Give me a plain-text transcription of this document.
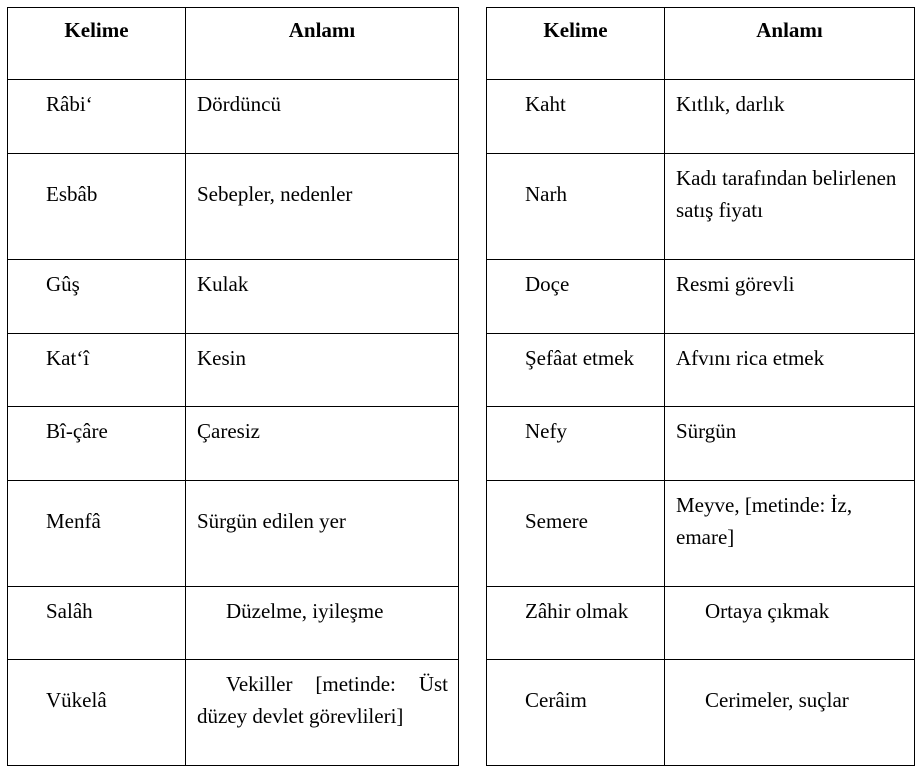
Kelime	Anlamı
Râbi‘	Dördüncü
Esbâb	Sebepler, nedenler
Gûş	Kulak
Kat‘î	Kesin
Bî-çâre	Çaresiz
Menfâ	Sürgün edilen yer
Salâh	Düzelme, iyileşme
Vükelâ	Vekiller [metinde: Üst düzey devlet görevlileri]
Kelime	Anlamı
Kaht	Kıtlık, darlık
Narh	Kadı tarafından belirlenen satış fiyatı
Doçe	Resmi görevli
Şefâat etmek	Afvını rica etmek
Nefy	Sürgün
Semere	Meyve, [metinde: İz, emare]
Zâhir olmak	Ortaya çıkmak
Cerâim	Cerimeler, suçlar
